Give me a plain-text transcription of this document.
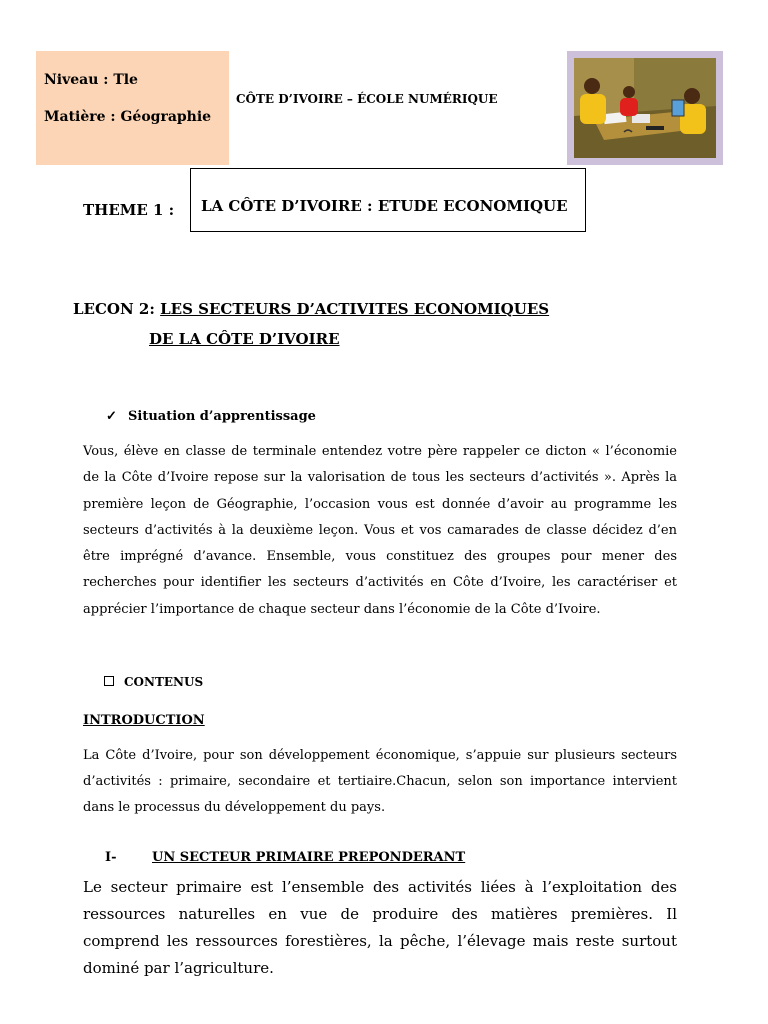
Niveau : Tle
Matière : Géographie
CÔTE D’IVOIRE – ÉCOLE NUMÉRIQUE
THEME 1 : LA CÔTE D’IVOIRE : ETUDE ECONOMIQUE
LECON 2: LES SECTEURS D’ACTIVITES ECONOMIQUES
DE LA CÔTE D’IVOIRE
✓ Situation d’apprentissage
Vous, élève en classe de terminale entendez votre père rappeler ce dicton « l’économie de la Côte d’Ivoire repose sur la valorisation de tous les secteurs d’activités ». Après la première leçon de Géographie, l’occasion vous est donnée d’avoir au programme les secteurs d’activités à la deuxième leçon. Vous et vos camarades de classe décidez d’en être imprégné d’avance. Ensemble, vous constituez des groupes pour mener des recherches pour identifier les secteurs d’activités en Côte d’Ivoire, les caractériser et apprécier l’importance de chaque secteur dans l’économie de la Côte d’Ivoire.
CONTENUS
INTRODUCTION
La Côte d’Ivoire, pour son développement économique, s’appuie sur plusieurs secteurs d’activités : primaire, secondaire et tertiaire.Chacun, selon son importance intervient dans le processus du développement du pays.
I-	UN SECTEUR PRIMAIRE PREPONDERANT
Le secteur primaire est l’ensemble des activités liées à l’exploitation des ressources naturelles en vue de produire des matières premières. Il comprend les ressources forestières, la pêche, l’élevage mais reste surtout dominé par l’agriculture.
